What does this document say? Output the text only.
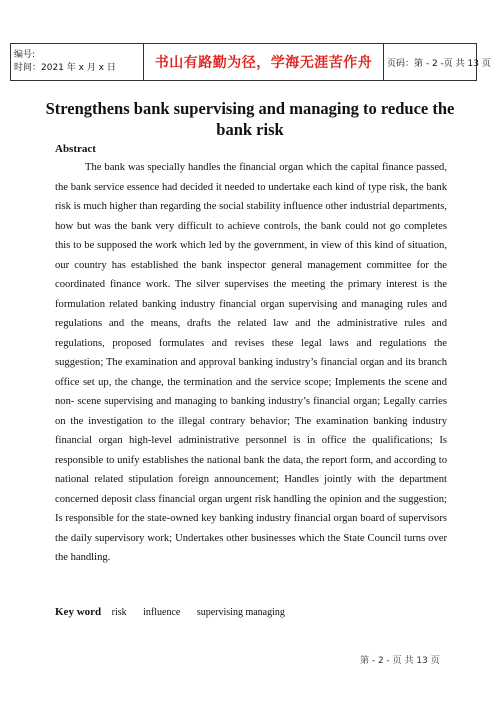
编号:
时间：2021 年 x 月 x 日	书山有路勤为径，学海无涯苦作舟	页码：第 - 2 -页 共 13 页
Strengthens bank supervising and managing to reduce the bank risk
Abstract

The bank was specially handles the financial organ which the capital finance passed, the bank service essence had decided it needed to undertake each kind of type risk, the bank risk is much higher than regarding the social stability influence other industrial departments, how but was the bank very difficult to achieve controls, the bank could not go completes this to be supposed the work which led by the government, in view of this kind of situation, our country has established the bank inspector general management committee for the coordinated finance work. The silver supervises the meeting the primary interest is the formulation related banking industry financial organ supervising and managing rules and regulations and the means, drafts the related law and the administrative rules and regulations, proposed formulates and revises these legal laws and regulations the suggestion; The examination and approval banking industry’s financial organ and its branch office set up, the change, the termination and the service scope; Implements the scene and non- scene supervising and managing to banking industry’s financial organ; Legally carries on the investigation to the illegal contrary behavior; The examination banking industry financial organ high-level administrative personnel is in office the qualifications; Is responsible to unify establishes the national bank the data, the report form, and according to national related stipulation foreign announcement; Handles jointly with the department concerned deposit class financial organ urgent risk handling the opinion and the suggestion; Is responsible for the state-owned key banking industry financial organ board of supervisors the daily supervisory work; Undertakes other businesses which the State Council turns over the handling.

Key word risk influence supervising managing

第 - 2 - 页 共 13 页
